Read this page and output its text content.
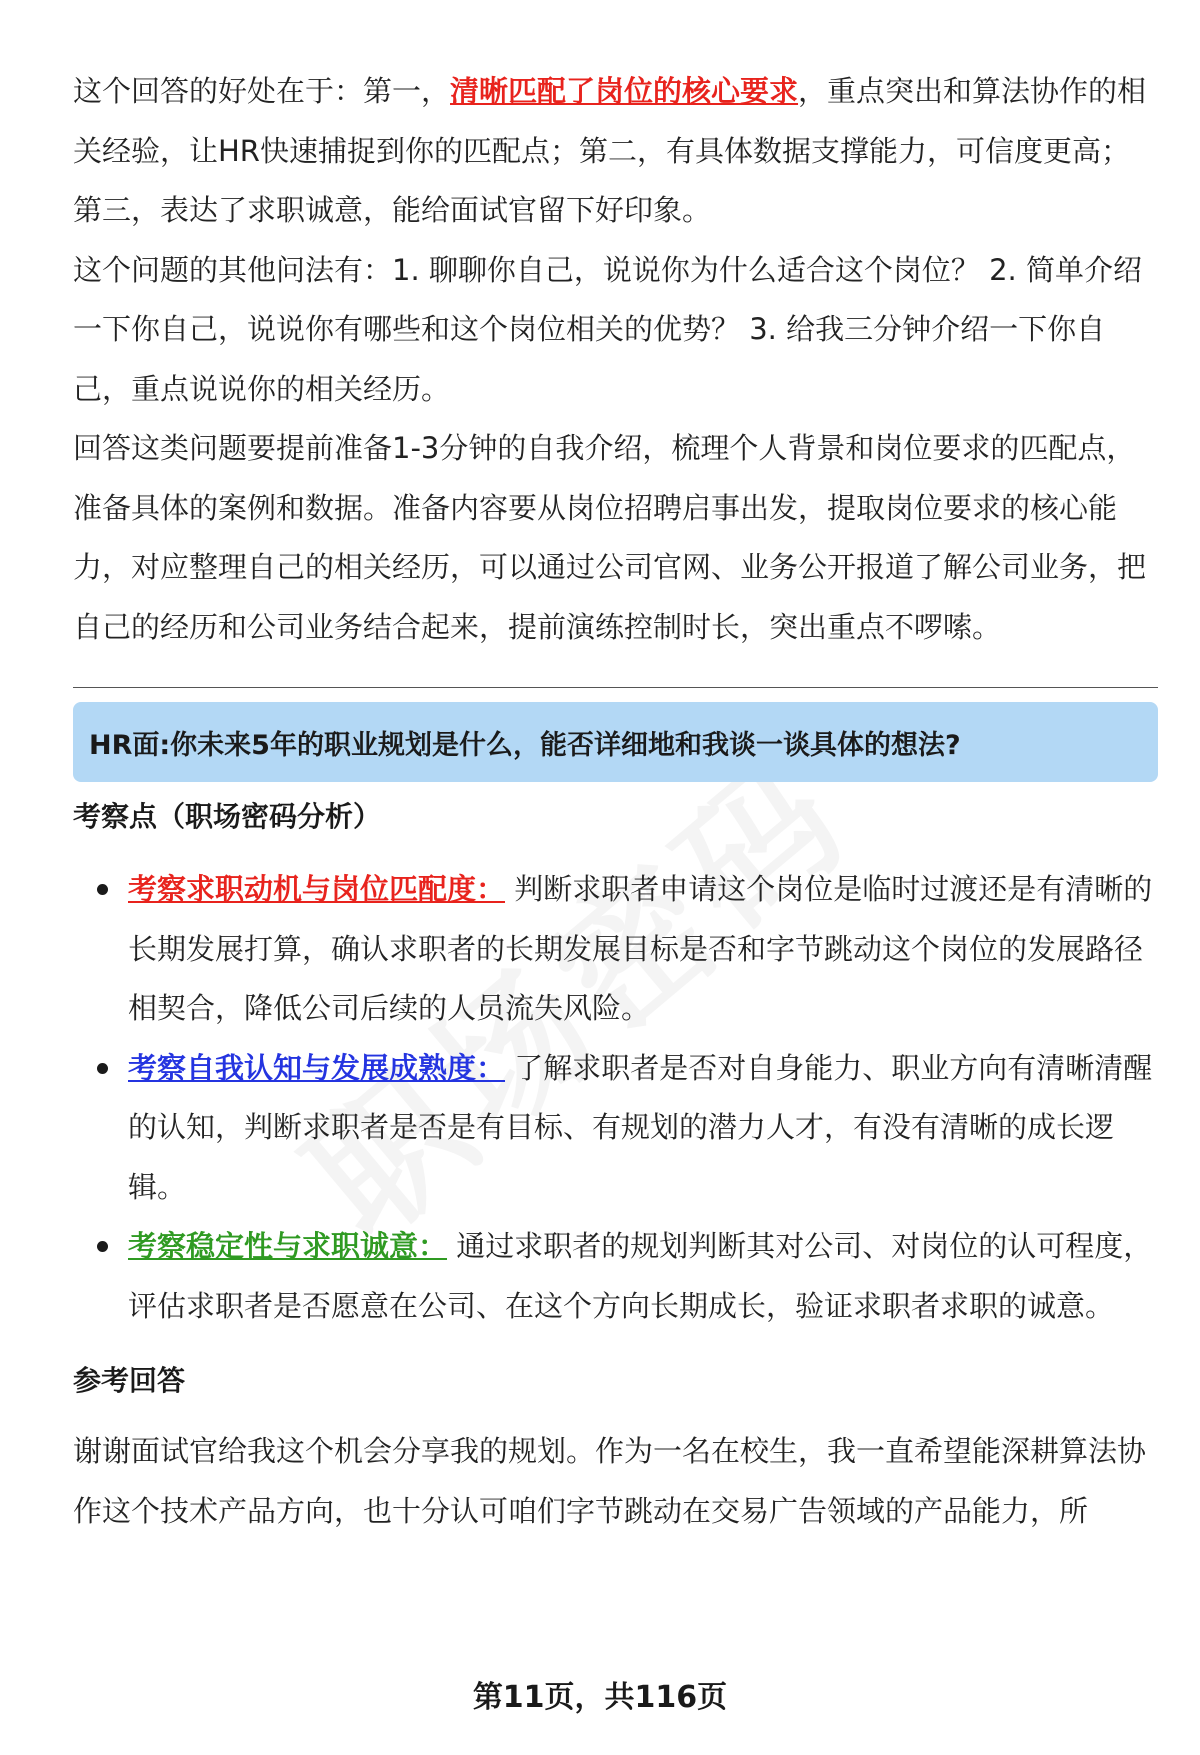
这个回答的好处在于：第一，清晰匹配了岗位的核心要求，重点突出和算法协作的相关经验，让HR快速捕捉到你的匹配点；第二，有具体数据支撑能力，可信度更高；第三，表达了求职诚意，能给面试官留下好印象。

这个问题的其他问法有：1. 聊聊你自己，说说你为什么适合这个岗位？ 2. 简单介绍一下你自己，说说你有哪些和这个岗位相关的优势？ 3. 给我三分钟介绍一下你自己，重点说说你的相关经历。

回答这类问题要提前准备1-3分钟的自我介绍，梳理个人背景和岗位要求的匹配点，准备具体的案例和数据。准备内容要从岗位招聘启事出发，提取岗位要求的核心能力，对应整理自己的相关经历，可以通过公司官网、业务公开报道了解公司业务，把自己的经历和公司业务结合起来，提前演练控制时长，突出重点不啰嗦。

HR面:你未来5年的职业规划是什么，能否详细地和我谈一谈具体的想法?
考察点（职场密码分析）
考察求职动机与岗位匹配度： 判断求职者申请这个岗位是临时过渡还是有清晰的长期发展打算，确认求职者的长期发展目标是否和字节跳动这个岗位的发展路径相契合，降低公司后续的人员流失风险。
考察自我认知与发展成熟度： 了解求职者是否对自身能力、职业方向有清晰清醒的认知，判断求职者是否是有目标、有规划的潜力人才，有没有清晰的成长逻辑。
考察稳定性与求职诚意： 通过求职者的规划判断其对公司、对岗位的认可程度，评估求职者是否愿意在公司、在这个方向长期成长，验证求职者求职的诚意。
参考回答

谢谢面试官给我这个机会分享我的规划。作为一名在校生，我一直希望能深耕算法协作这个技术产品方向，也十分认可咱们字节跳动在交易广告领域的产品能力，所

第11页，共116页
